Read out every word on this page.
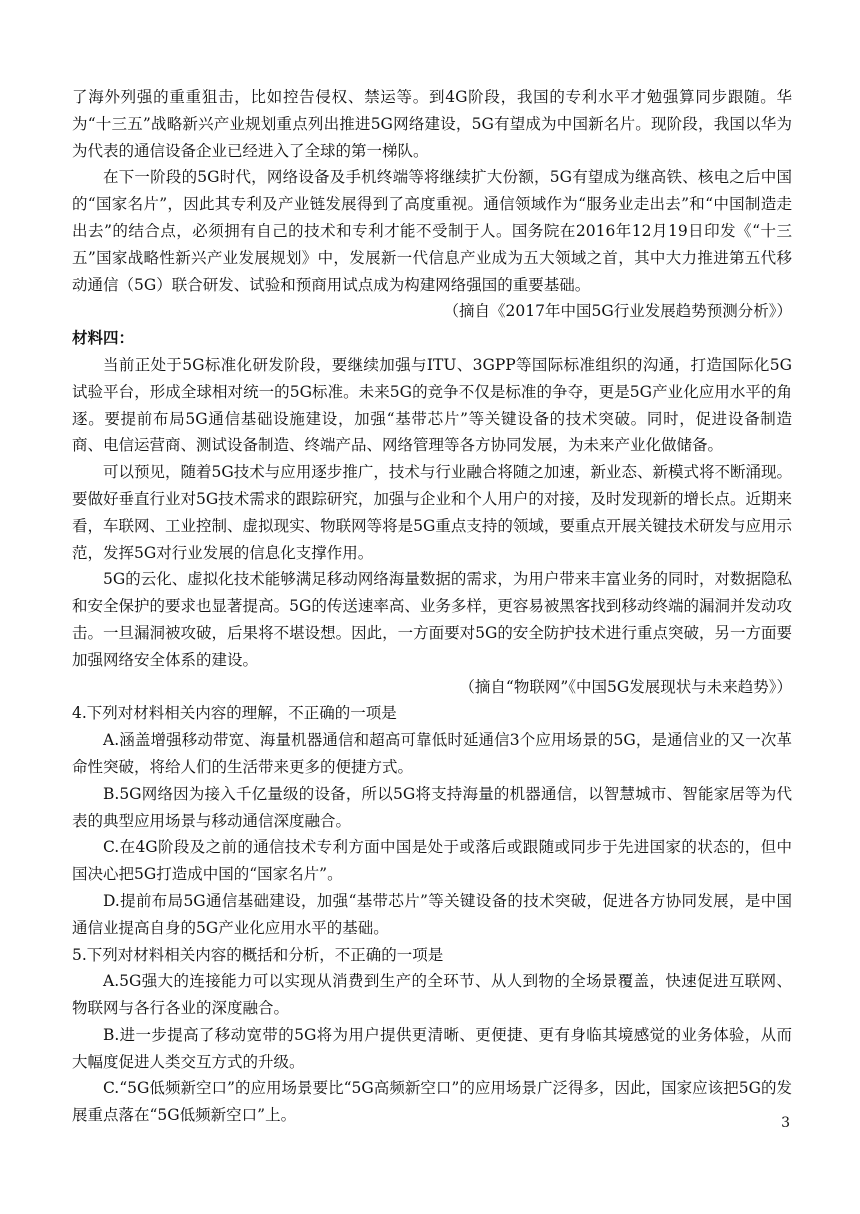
了海外列强的重重狙击，比如控告侵权、禁运等。到4G阶段，我国的专利水平才勉强算同步跟随。华为“十三五”战略新兴产业规划重点列出推进5G网络建设，5G有望成为中国新名片。现阶段，我国以华为为代表的通信设备企业已经进入了全球的第一梯队。

在下一阶段的5G时代，网络设备及手机终端等将继续扩大份额，5G有望成为继高铁、核电之后中国的“国家名片”，因此其专利及产业链发展得到了高度重视。通信领域作为“服务业走出去”和“中国制造走出去”的结合点，必须拥有自己的技术和专利才能不受制于人。国务院在2016年12月19日印发《“十三五”国家战略性新兴产业发展规划》中，发展新一代信息产业成为五大领域之首，其中大力推进第五代移动通信（5G）联合研发、试验和预商用试点成为构建网络强国的重要基础。

（摘自《2017年中国5G行业发展趋势预测分析》）

材料四：

当前正处于5G标准化研发阶段，要继续加强与ITU、3GPP等国际标准组织的沟通，打造国际化5G试验平台，形成全球相对统一的5G标准。未来5G的竞争不仅是标准的争夺，更是5G产业化应用水平的角逐。要提前布局5G通信基础设施建设，加强“基带芯片”等关键设备的技术突破。同时，促进设备制造商、电信运营商、测试设备制造、终端产品、网络管理等各方协同发展，为未来产业化做储备。

可以预见，随着5G技术与应用逐步推广，技术与行业融合将随之加速，新业态、新模式将不断涌现。要做好垂直行业对5G技术需求的跟踪研究，加强与企业和个人用户的对接，及时发现新的增长点。近期来看，车联网、工业控制、虚拟现实、物联网等将是5G重点支持的领域，要重点开展关键技术研发与应用示范，发挥5G对行业发展的信息化支撑作用。

5G的云化、虚拟化技术能够满足移动网络海量数据的需求，为用户带来丰富业务的同时，对数据隐私和安全保护的要求也显著提高。5G的传送速率高、业务多样，更容易被黑客找到移动终端的漏洞并发动攻击。一旦漏洞被攻破，后果将不堪设想。因此，一方面要对5G的安全防护技术进行重点突破，另一方面要加强网络安全体系的建设。

（摘自“物联网”《中国5G发展现状与未来趋势》）

4.下列对材料相关内容的理解，不正确的一项是

A.涵盖增强移动带宽、海量机器通信和超高可靠低时延通信3个应用场景的5G，是通信业的又一次革命性突破，将给人们的生活带来更多的便捷方式。

B.5G网络因为接入千亿量级的设备，所以5G将支持海量的机器通信，以智慧城市、智能家居等为代表的典型应用场景与移动通信深度融合。

C.在4G阶段及之前的通信技术专利方面中国是处于或落后或跟随或同步于先进国家的状态的，但中国决心把5G打造成中国的“国家名片”。

D.提前布局5G通信基础建设，加强“基带芯片”等关键设备的技术突破，促进各方协同发展，是中国通信业提高自身的5G产业化应用水平的基础。

5.下列对材料相关内容的概括和分析，不正确的一项是

A.5G强大的连接能力可以实现从消费到生产的全环节、从人到物的全场景覆盖，快速促进互联网、物联网与各行各业的深度融合。

B.进一步提高了移动宽带的5G将为用户提供更清晰、更便捷、更有身临其境感觉的业务体验，从而大幅度促进人类交互方式的升级。

C.“5G低频新空口”的应用场景要比“5G高频新空口”的应用场景广泛得多，因此，国家应该把5G的发展重点落在“5G低频新空口”上。	3
